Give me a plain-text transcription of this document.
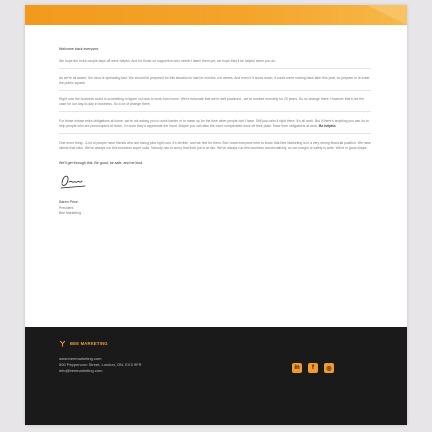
Welcome back everyone,

We hope the extra couple days off were helpful. And for those on supportive who needn't taken them yet, we hope they'll be helpful when you do.

As we're all aware, the virus is spreading fast. We should be prepared for this situation to last for months, not weeks. And even if it slows down, it could come roaring back later this year, so prepare to re-enter the public square.

Right now the business world is scrambling to figure out how to work from home. We're fortunate that we're well practiced - we've worked remotely for 20 years. So no change there. However that's not the case for our day-to-day in business. So a lot of change there.

For those whose extra obligations at home, we're not asking you to work harder or to make up for the time other people don't have. Still just calm it right there. It's all work. But if there's anything you can do to help people who are preoccupied at home, I'm sure they'd appreciate the hand. Maybe you can take the more complicated work off their plate. Ease their obligations at work. Be helpful.

One more thing - A lot of people have friends who are losing jobs right now. It's terrible, and we feel for them. But I want everyone here to know that Bee Marketing is in a very strong financial position. We have clients that stick. We've always run this business super solid. Nobody has to worry that their job is at risk. We've always run this business conservatively, so our margin of safety is wide. We're in good shape.

We'll get through this. Be good, be safe, and be kind.
Karen Price
President
Bee Marketing
BEE MARKETING
www.beemarketing.com
500 Peppercorn Street, London, ON, EX3 9FR
info@beemarketing.com	in	f	◎
